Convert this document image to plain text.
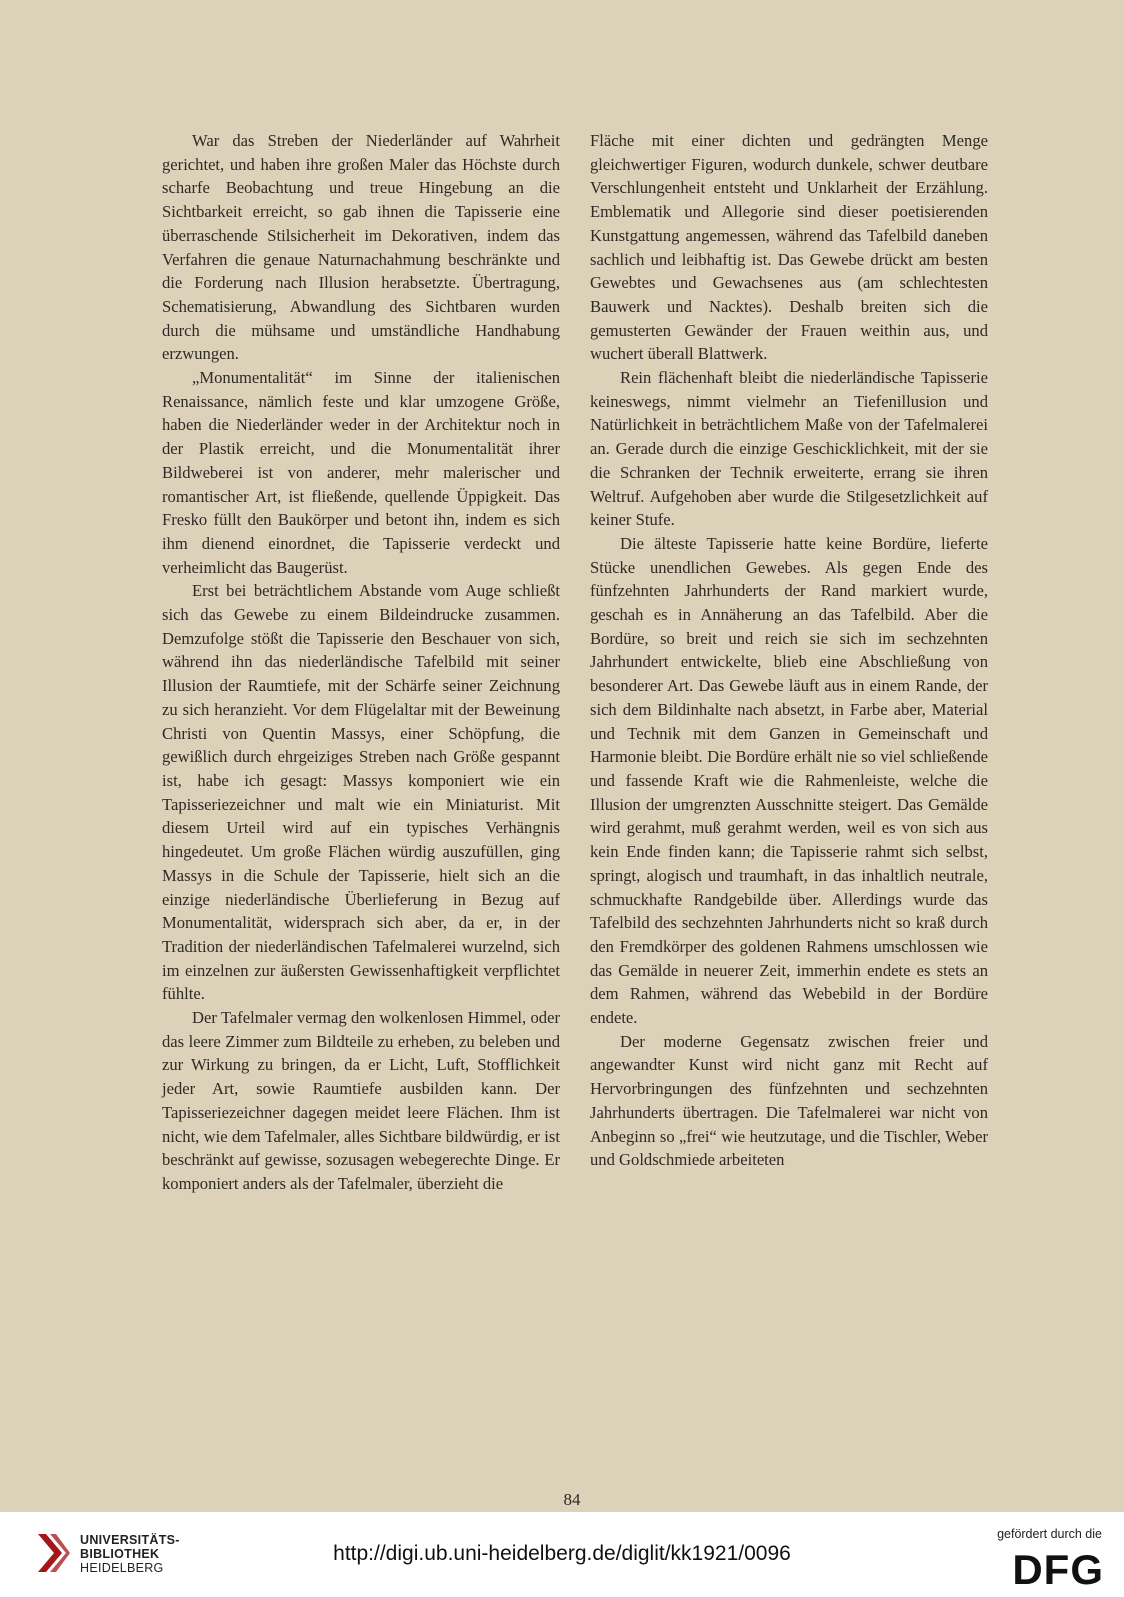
War das Streben der Niederländer auf Wahrheit gerichtet, und haben ihre großen Maler das Höchste durch scharfe Beobachtung und treue Hingebung an die Sichtbarkeit erreicht, so gab ihnen die Tapisserie eine überraschende Stilsicherheit im Dekorativen, indem das Verfahren die genaue Naturnachahmung beschränkte und die Forderung nach Illusion herabsetzte. Übertragung, Schematisierung, Abwandlung des Sichtbaren wurden durch die mühsame und umständliche Handhabung erzwungen.

„Monumentalität“ im Sinne der italienischen Renaissance, nämlich feste und klar umzogene Größe, haben die Niederländer weder in der Architektur noch in der Plastik erreicht, und die Monumentalität ihrer Bildweberei ist von anderer, mehr malerischer und romantischer Art, ist fließende, quellende Üppigkeit. Das Fresko füllt den Baukörper und betont ihn, indem es sich ihm dienend einordnet, die Tapisserie verdeckt und verheimlicht das Baugerüst.

Erst bei beträchtlichem Abstande vom Auge schließt sich das Gewebe zu einem Bildeindrucke zusammen. Demzufolge stößt die Tapisserie den Beschauer von sich, während ihn das niederländische Tafelbild mit seiner Illusion der Raumtiefe, mit der Schärfe seiner Zeichnung zu sich heranzieht. Vor dem Flügelaltar mit der Beweinung Christi von Quentin Massys, einer Schöpfung, die gewißlich durch ehrgeiziges Streben nach Größe gespannt ist, habe ich gesagt: Massys komponiert wie ein Tapisseriezeichner und malt wie ein Miniaturist. Mit diesem Urteil wird auf ein typisches Verhängnis hingedeutet. Um große Flächen würdig auszufüllen, ging Massys in die Schule der Tapisserie, hielt sich an die einzige niederländische Überlieferung in Bezug auf Monumentalität, widersprach sich aber, da er, in der Tradition der niederländischen Tafelmalerei wurzelnd, sich im einzelnen zur äußersten Gewissenhaftigkeit verpflichtet fühlte.

Der Tafelmaler vermag den wolkenlosen Himmel, oder das leere Zimmer zum Bildteile zu erheben, zu beleben und zur Wirkung zu bringen, da er Licht, Luft, Stofflichkeit jeder Art, sowie Raumtiefe ausbilden kann. Der Tapisseriezeichner dagegen meidet leere Flächen. Ihm ist nicht, wie dem Tafelmaler, alles Sichtbare bildwürdig, er ist beschränkt auf gewisse, sozusagen webegerechte Dinge. Er komponiert anders als der Tafelmaler, überzieht die

Fläche mit einer dichten und gedrängten Menge gleichwertiger Figuren, wodurch dunkele, schwer deutbare Verschlungenheit entsteht und Unklarheit der Erzählung. Emblematik und Allegorie sind dieser poetisierenden Kunstgattung angemessen, während das Tafelbild daneben sachlich und leibhaftig ist. Das Gewebe drückt am besten Gewebtes und Gewachsenes aus (am schlechtesten Bauwerk und Nacktes). Deshalb breiten sich die gemusterten Gewänder der Frauen weithin aus, und wuchert überall Blattwerk.

Rein flächenhaft bleibt die niederländische Tapisserie keineswegs, nimmt vielmehr an Tiefenillusion und Natürlichkeit in beträchtlichem Maße von der Tafelmalerei an. Gerade durch die einzige Geschicklichkeit, mit der sie die Schranken der Technik erweiterte, errang sie ihren Weltruf. Aufgehoben aber wurde die Stilgesetzlichkeit auf keiner Stufe.

Die älteste Tapisserie hatte keine Bordüre, lieferte Stücke unendlichen Gewebes. Als gegen Ende des fünfzehnten Jahrhunderts der Rand markiert wurde, geschah es in Annäherung an das Tafelbild. Aber die Bordüre, so breit und reich sie sich im sechzehnten Jahrhundert entwickelte, blieb eine Abschließung von besonderer Art. Das Gewebe läuft aus in einem Rande, der sich dem Bildinhalte nach absetzt, in Farbe aber, Material und Technik mit dem Ganzen in Gemeinschaft und Harmonie bleibt. Die Bordüre erhält nie so viel schließende und fassende Kraft wie die Rahmenleiste, welche die Illusion der umgrenzten Ausschnitte steigert. Das Gemälde wird gerahmt, muß gerahmt werden, weil es von sich aus kein Ende finden kann; die Tapisserie rahmt sich selbst, springt, alogisch und traumhaft, in das inhaltlich neutrale, schmuckhafte Randgebilde über. Allerdings wurde das Tafelbild des sechzehnten Jahrhunderts nicht so kraß durch den Fremdkörper des goldenen Rahmens umschlossen wie das Gemälde in neuerer Zeit, immerhin endete es stets an dem Rahmen, während das Webebild in der Bordüre endete.

Der moderne Gegensatz zwischen freier und angewandter Kunst wird nicht ganz mit Recht auf Hervorbringungen des fünfzehnten und sechzehnten Jahrhunderts übertragen. Die Tafelmalerei war nicht von Anbeginn so „frei“ wie heutzutage, und die Tischler, Weber und Goldschmiede arbeiteten

84
UNIVERSITÄTS-
BIBLIOTHEK
HEIDELBERG
http://digi.ub.uni-heidelberg.de/diglit/kk1921/0096
gefördert durch die
DFG
